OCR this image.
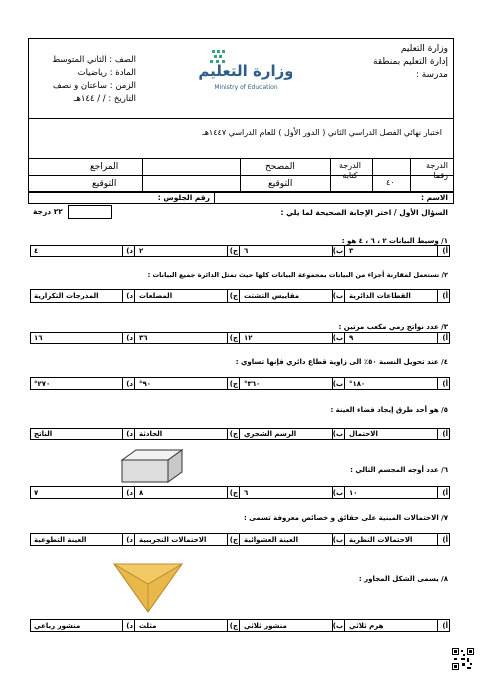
وزارة التعليم
إدارة التعليم بمنطقة
مدرسة :
وزارة التعليم
Ministry of Education
الصف : الثاني المتوسط
المادة : رياضيات
الزمن : ساعتان و نصف
التاريخ : / / ١٤٤هـ
اختبار نهائي الفصل الدراسي الثاني ( الدور الأول ) للعام الدراسي ١٤٤٧هـ
الدرجة رقما
٤٠
الدرجة كتابة
المصحح
التوقيع
المراجع
التوقيع
الاسم :
رقم الجلوس :
٢٢ درجة	السؤال الأول / اختر الإجابة الصحيحة لما يلي :
١/ وسيط البيانات ٢ ، ٦ ، ٤ هو :
أ)
٣
ب)
٦
ج)
٢
د)
٤
٢/ تستعمل لمقارنة أجزاء من البيانات بمجموعة البيانات كلها حيث تمثل الدائرة جميع البيانات :
أ)
القطاعات الدائرية
ب)
مقاييس التشتت
ج)
المضلعات
د)
المدرجات التكرارية
٣/ عدد نواتج رمي مكعب مرتين :
أ)
٩
ب)
١٢
ج)
٣٦
د)
١٦
٤/ عند تحويل النسبة ٥٠٪ الى زاوية قطاع دائري فإنها تساوي :
أ)
١٨٠°
ب)
٣٦٠°
ج)
٩٠°
د)
٢٧٠°
٥/ هو أحد طرق إيجاد فضاء العينة :
أ)
الاحتمال
ب)
الرسم الشجري
ج)
الحادثة
د)
الناتج
٦/ عدد أوجه المجسم التالي :
أ)
١٠
ب)
٦
ج)
٨
د)
٧
٧/ الاحتمالات المبنية على حقائق و خصائص معروفة تسمى :
أ)
الاحتمالات النظرية
ب)
العينة العشوائية
ج)
الاحتمالات التجريبية
د)
العينة التطوعية
٨/ يسمى الشكل المجاور :
أ)
هرم ثلاثي
ب)
منشور ثلاثي
ج)
مثلث
د)
منشور رباعي
